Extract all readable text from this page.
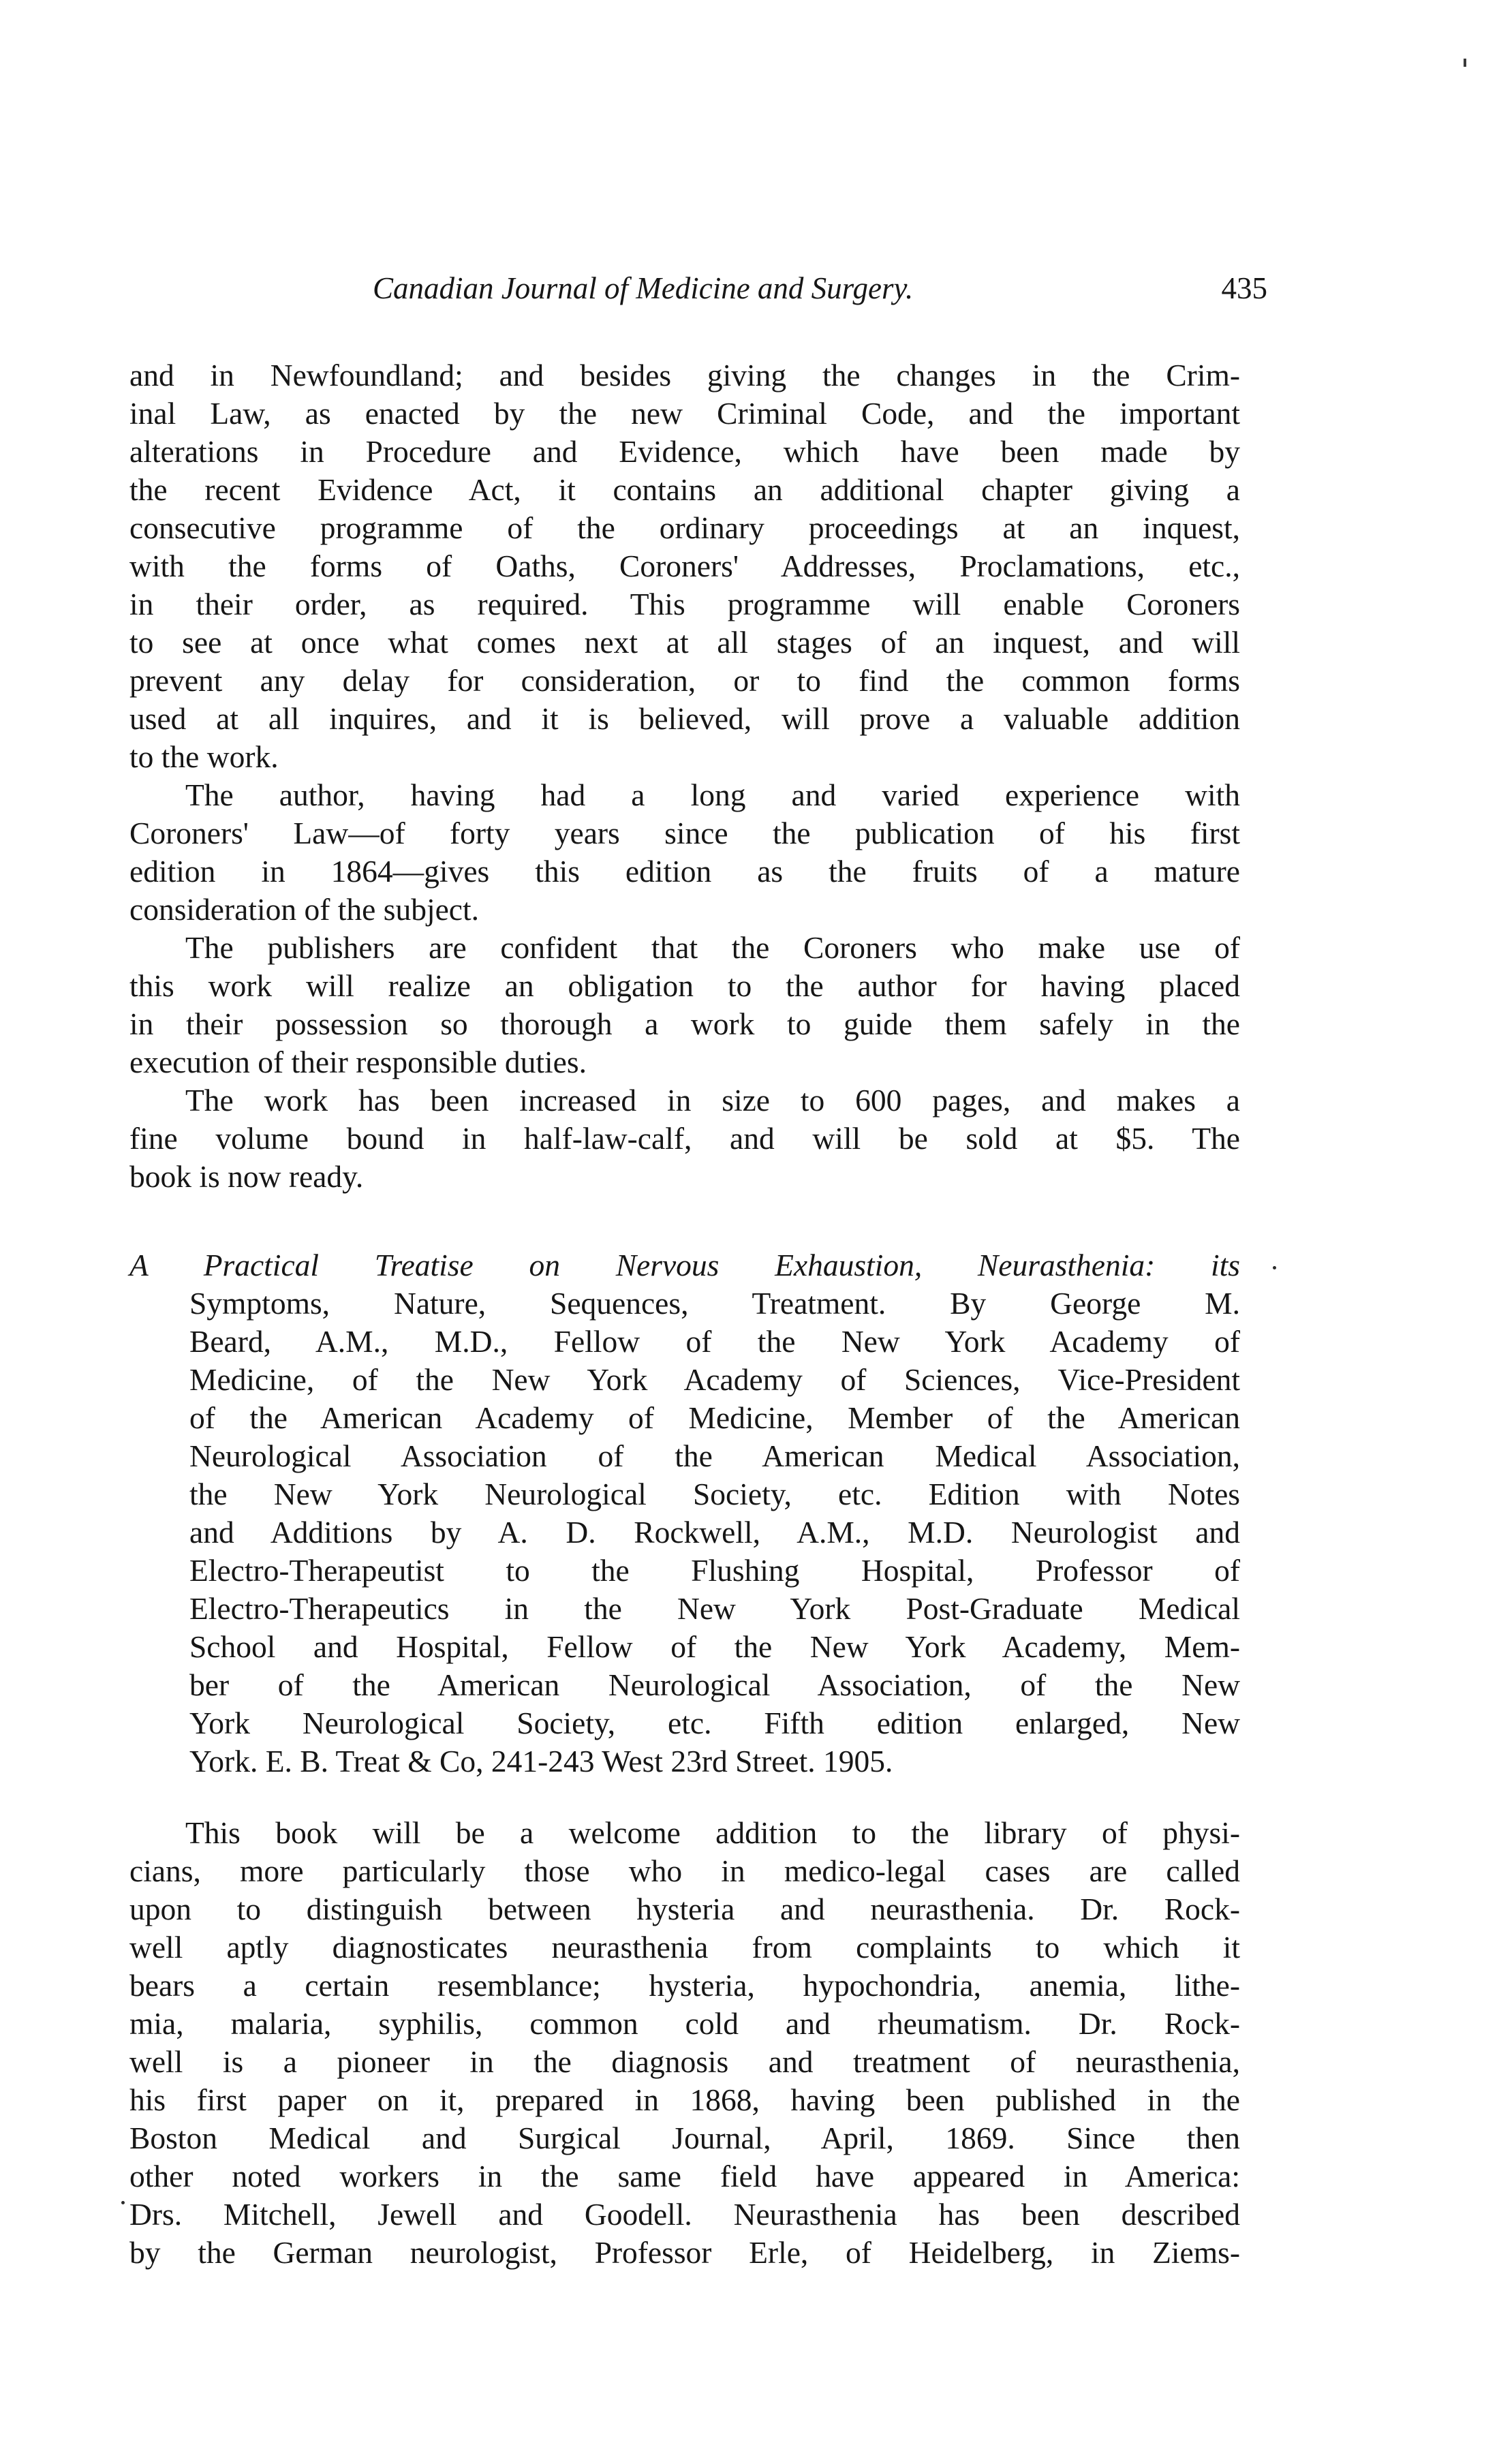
Canadian Journal of Medicine and Surgery.	435
and in Newfoundland; and besides giving the changes in the Crim-
inal Law, as enacted by the new Criminal Code, and the important
alterations in Procedure and Evidence, which have been made by
the recent Evidence Act, it contains an additional chapter giving a
consecutive programme of the ordinary proceedings at an inquest,
with the forms of Oaths, Coroners' Addresses, Proclamations, etc.,
in their order, as required. This programme will enable Coroners
to see at once what comes next at all stages of an inquest, and will
prevent any delay for consideration, or to find the common forms
used at all inquires, and it is believed, will prove a valuable addition
to the work.
The author, having had a long and varied experience with
Coroners' Law—of forty years since the publication of his first
edition in 1864—gives this edition as the fruits of a mature
consideration of the subject.
The publishers are confident that the Coroners who make use of
this work will realize an obligation to the author for having placed
in their possession so thorough a work to guide them safely in the
execution of their responsible duties.
The work has been increased in size to 600 pages, and makes a
fine volume bound in half-law-calf, and will be sold at $5. The
book is now ready.
A Practical Treatise on Nervous Exhaustion, Neurasthenia: its
Symptoms, Nature, Sequences, Treatment. By George M.
Beard, A.M., M.D., Fellow of the New York Academy of
Medicine, of the New York Academy of Sciences, Vice-President
of the American Academy of Medicine, Member of the American
Neurological Association of the American Medical Association,
the New York Neurological Society, etc. Edition with Notes
and Additions by A. D. Rockwell, A.M., M.D. Neurologist and
Electro-Therapeutist to the Flushing Hospital, Professor of
Electro-Therapeutics in the New York Post-Graduate Medical
School and Hospital, Fellow of the New York Academy, Mem-
ber of the American Neurological Association, of the New
York Neurological Society, etc. Fifth edition enlarged, New
York. E. B. Treat & Co, 241-243 West 23rd Street. 1905.
This book will be a welcome addition to the library of physi-
cians, more particularly those who in medico-legal cases are called
upon to distinguish between hysteria and neurasthenia. Dr. Rock-
well aptly diagnosticates neurasthenia from complaints to which it
bears a certain resemblance; hysteria, hypochondria, anemia, lithe-
mia, malaria, syphilis, common cold and rheumatism. Dr. Rock-
well is a pioneer in the diagnosis and treatment of neurasthenia,
his first paper on it, prepared in 1868, having been published in the
Boston Medical and Surgical Journal, April, 1869. Since then
other noted workers in the same field have appeared in America:
Drs. Mitchell, Jewell and Goodell. Neurasthenia has been described
by the German neurologist, Professor Erle, of Heidelberg, in Ziems-
